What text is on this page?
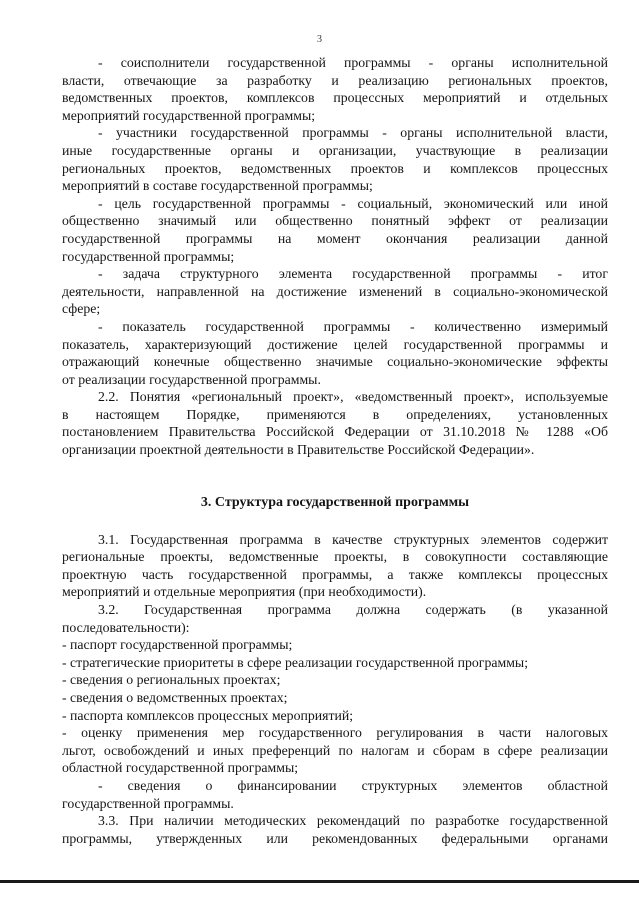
3
- соисполнители государственной программы - органы исполнительной
власти, отвечающие за разработку и реализацию региональных проектов,
ведомственных проектов, комплексов процессных мероприятий и отдельных
мероприятий государственной программы;
- участники государственной программы - органы исполнительной власти,
иные государственные органы и организации, участвующие в реализации
региональных проектов, ведомственных проектов и комплексов процессных
мероприятий в составе государственной программы;
- цель государственной программы - социальный, экономический или иной
общественно значимый или общественно понятный эффект от реализации
государственной программы на момент окончания реализации данной
государственной программы;
- задача структурного элемента государственной программы - итог
деятельности, направленной на достижение изменений в социально-экономической
сфере;
- показатель государственной программы - количественно измеримый
показатель, характеризующий достижение целей государственной программы и
отражающий конечные общественно значимые социально-экономические эффекты
от реализации государственной программы.
2.2. Понятия «региональный проект», «ведомственный проект», используемые
в настоящем Порядке, применяются в определениях, установленных
постановлением Правительства Российской Федерации от 31.10.2018 № 1288 «Об
организации проектной деятельности в Правительстве Российской Федерации».
3. Структура государственной программы
3.1. Государственная программа в качестве структурных элементов содержит
региональные проекты, ведомственные проекты, в совокупности составляющие
проектную часть государственной программы, а также комплексы процессных
мероприятий и отдельные мероприятия (при необходимости).
3.2. Государственная программа должна содержать (в указанной
последовательности):
- паспорт государственной программы;
- стратегические приоритеты в сфере реализации государственной программы;
- сведения о региональных проектах;
- сведения о ведомственных проектах;
- паспорта комплексов процессных мероприятий;
- оценку применения мер государственного регулирования в части налоговых
льгот, освобождений и иных преференций по налогам и сборам в сфере реализации
областной государственной программы;
- сведения о финансировании структурных элементов областной
государственной программы.
3.3. При наличии методических рекомендаций по разработке государственной
программы, утвержденных или рекомендованных федеральными органами
